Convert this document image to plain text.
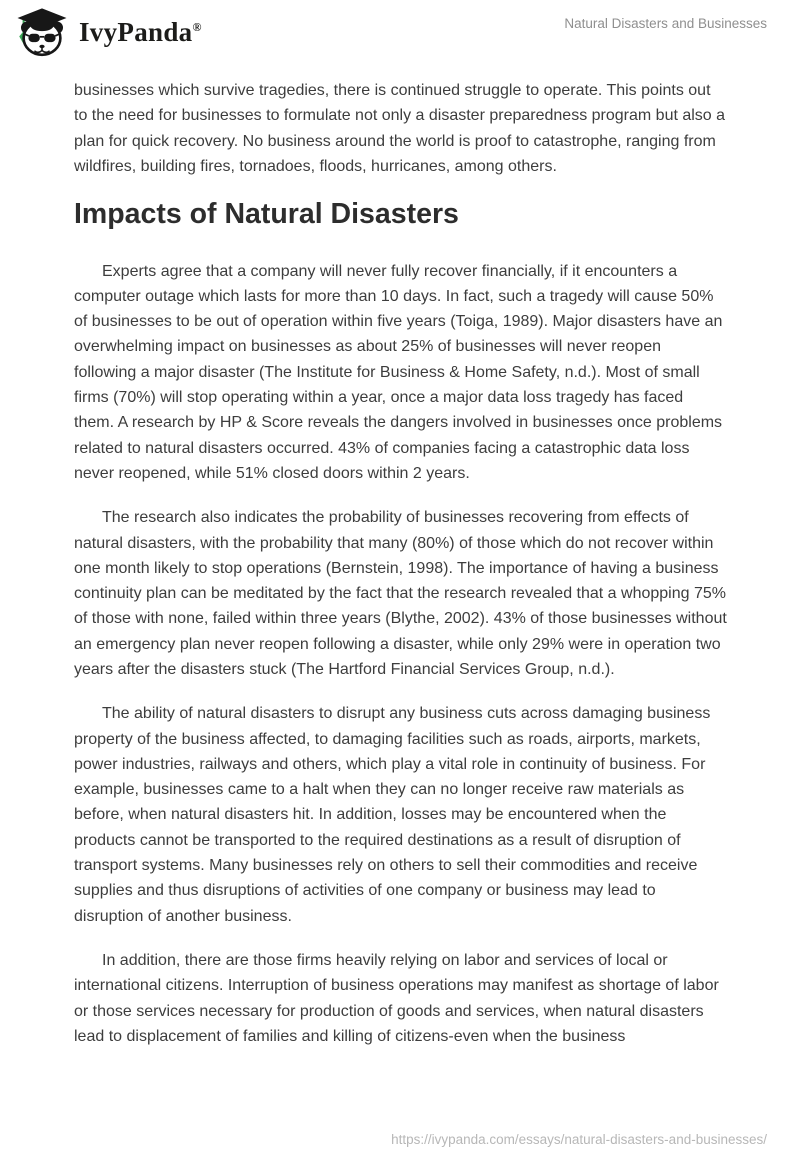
IvyPanda®	Natural Disasters and Businesses

businesses which survive tragedies, there is continued struggle to operate. This points out to the need for businesses to formulate not only a disaster preparedness program but also a plan for quick recovery. No business around the world is proof to catastrophe, ranging from wildfires, building fires, tornadoes, floods, hurricanes, among others.

Impacts of Natural Disasters

Experts agree that a company will never fully recover financially, if it encounters a computer outage which lasts for more than 10 days. In fact, such a tragedy will cause 50% of businesses to be out of operation within five years (Toiga, 1989). Major disasters have an overwhelming impact on businesses as about 25% of businesses will never reopen following a major disaster (The Institute for Business & Home Safety, n.d.). Most of small firms (70%) will stop operating within a year, once a major data loss tragedy has faced them. A research by HP & Score reveals the dangers involved in businesses once problems related to natural disasters occurred. 43% of companies facing a catastrophic data loss never reopened, while 51% closed doors within 2 years.

The research also indicates the probability of businesses recovering from effects of natural disasters, with the probability that many (80%) of those which do not recover within one month likely to stop operations (Bernstein, 1998). The importance of having a business continuity plan can be meditated by the fact that the research revealed that a whopping 75% of those with none, failed within three years (Blythe, 2002). 43% of those businesses without an emergency plan never reopen following a disaster, while only 29% were in operation two years after the disasters stuck (The Hartford Financial Services Group, n.d.).

The ability of natural disasters to disrupt any business cuts across damaging business property of the business affected, to damaging facilities such as roads, airports, markets, power industries, railways and others, which play a vital role in continuity of business. For example, businesses came to a halt when they can no longer receive raw materials as before, when natural disasters hit. In addition, losses may be encountered when the products cannot be transported to the required destinations as a result of disruption of transport systems. Many businesses rely on others to sell their commodities and receive supplies and thus disruptions of activities of one company or business may lead to disruption of another business.

In addition, there are those firms heavily relying on labor and services of local or international citizens. Interruption of business operations may manifest as shortage of labor or those services necessary for production of goods and services, when natural disasters lead to displacement of families and killing of citizens-even when the business

https://ivypanda.com/essays/natural-disasters-and-businesses/
